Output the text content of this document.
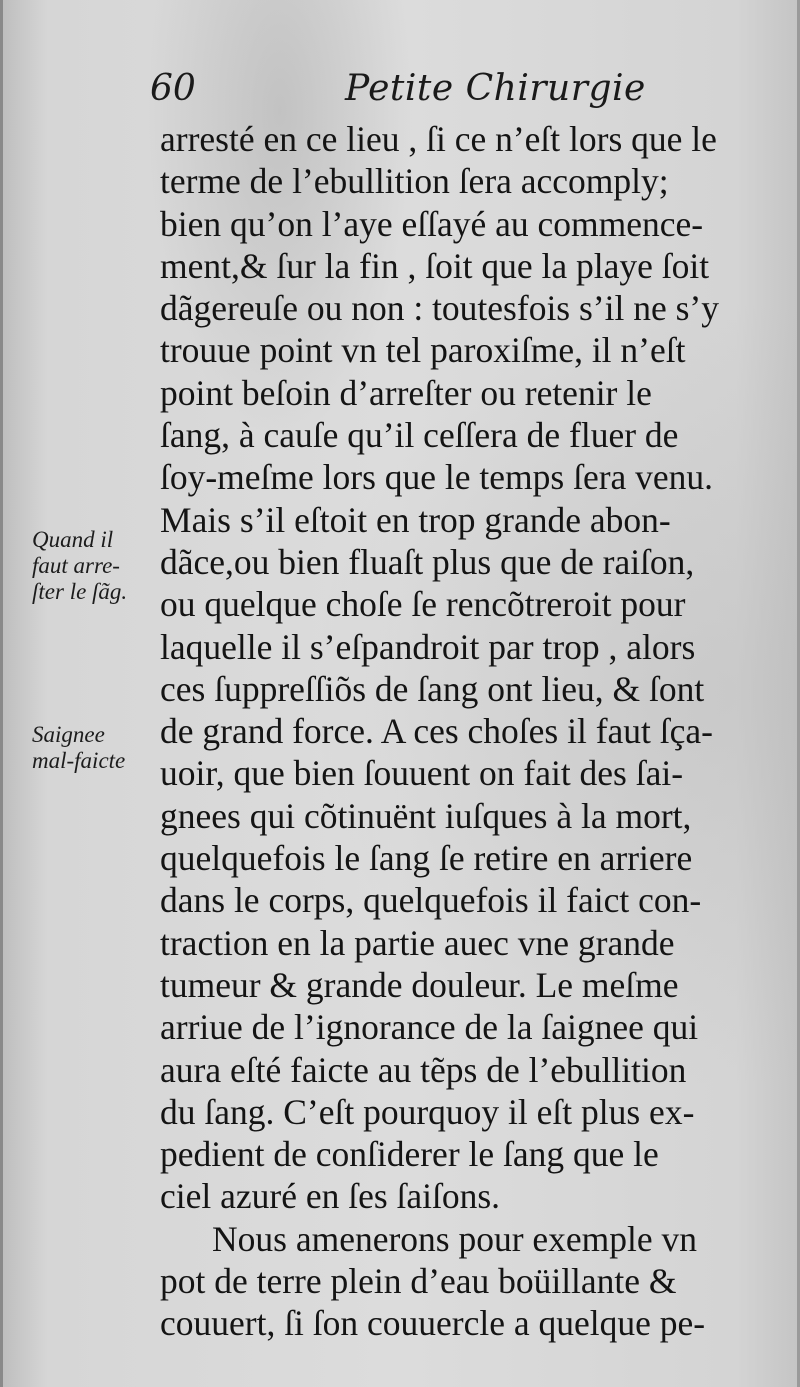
60	Petite Chirurgie
arresté en ce lieu , ſi ce n’eſt lors que le
terme de l’ebullition ſera accomply;
bien qu’on l’aye eſſayé au commence-
ment,& ſur la fin , ſoit que la playe ſoit
dãgereuſe ou non : toutesfois s’il ne s’y
trouue point vn tel paroxiſme, il n’eſt
point beſoin d’arreſter ou retenir le
ſang, à cauſe qu’il ceſſera de fluer de
ſoy-meſme lors que le temps ſera venu.
Mais s’il eſtoit en trop grande abon-
dãce,ou bien fluaſt plus que de raiſon,
ou quelque choſe ſe rencõtreroit pour
laquelle il s’eſpandroit par trop , alors
ces ſuppreſſiõs de ſang ont lieu, & ſont
de grand force. A ces choſes il faut ſça-
uoir, que bien ſouuent on fait des ſai-
gnees qui cõtinuënt iuſques à la mort,
quelquefois le ſang ſe retire en arriere
dans le corps, quelquefois il faict con-
traction en la partie auec vne grande
tumeur & grande douleur. Le meſme
arriue de l’ignorance de la ſaignee qui
aura eſté faicte au tẽps de l’ebullition
du ſang. C’eſt pourquoy il eſt plus ex-
pedient de conſiderer le ſang que le
ciel azuré en ſes ſaiſons.
Nous amenerons pour exemple vn
pot de terre plein d’eau boüillante &
couuert, ſi ſon couuercle a quelque pe-
Quand il
faut arre-
ſter le ſãg.
Saignee
mal-faicte
